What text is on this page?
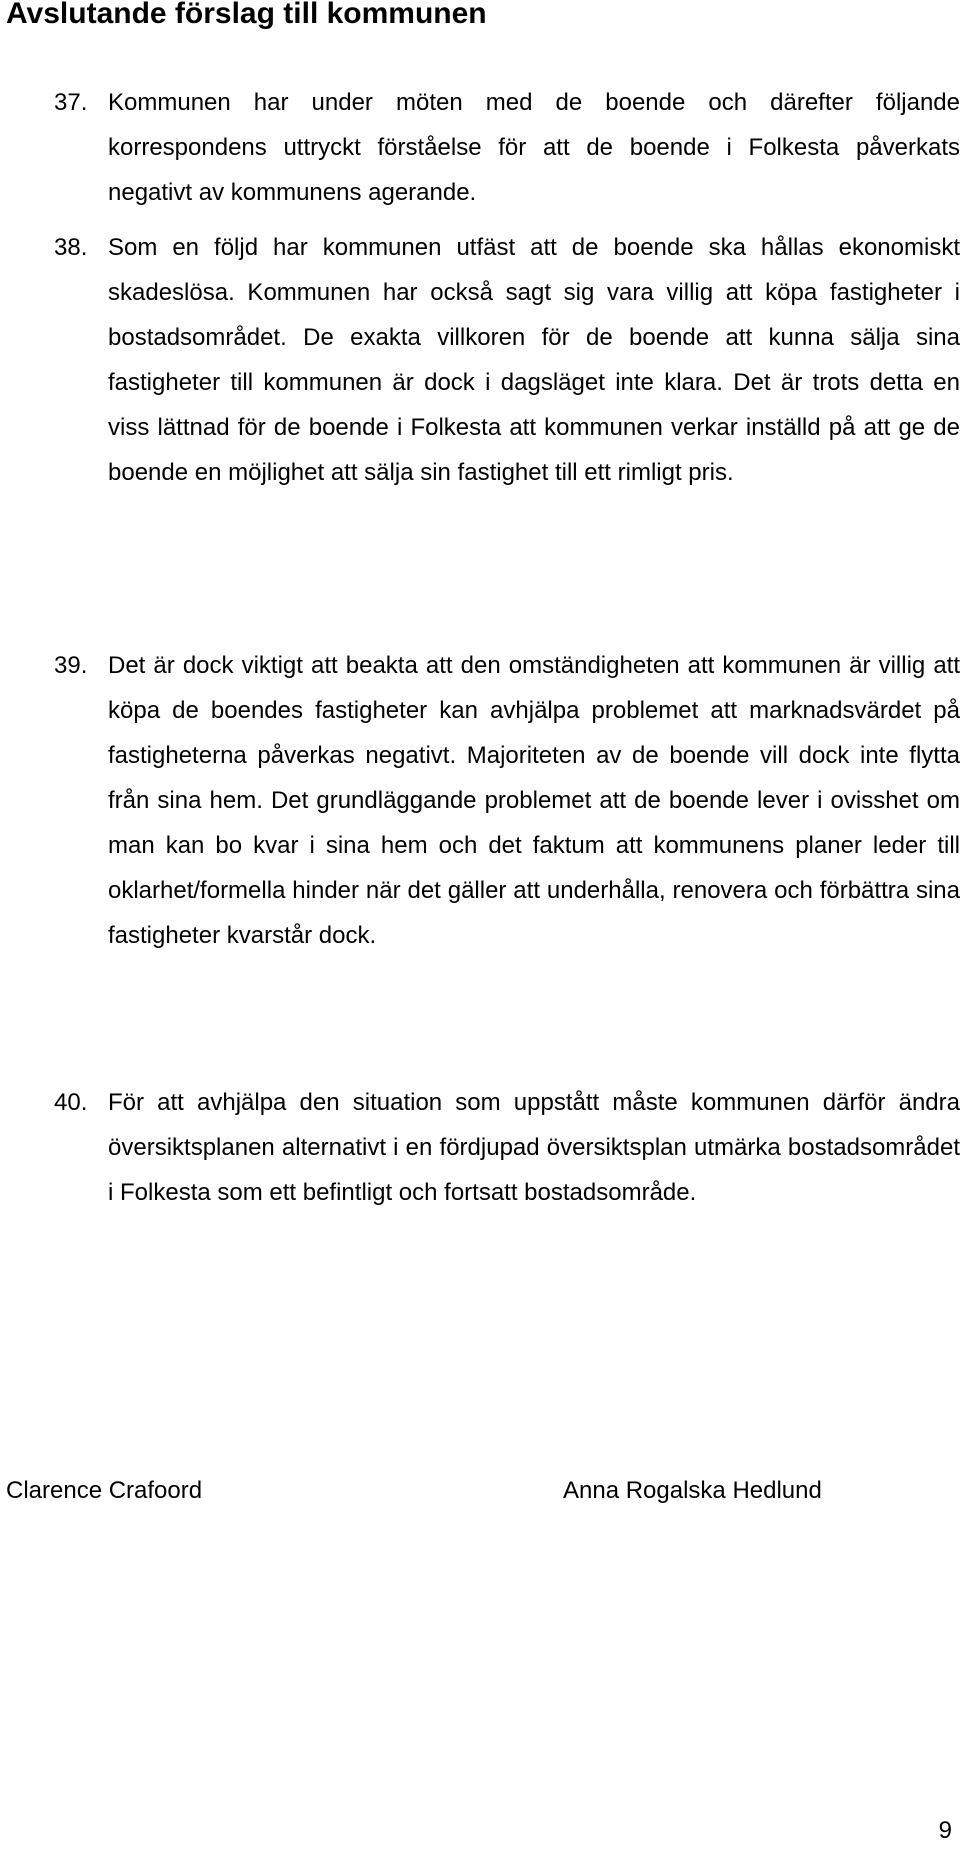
Avslutande förslag till kommunen
37. Kommunen har under möten med de boende och därefter följande korrespondens uttryckt förståelse för att de boende i Folkesta påverkats negativt av kommunens agerande.

38. Som en följd har kommunen utfäst att de boende ska hållas ekonomiskt skadeslösa. Kommunen har också sagt sig vara villig att köpa fastigheter i bostadsområdet. De exakta villkoren för de boende att kunna sälja sina fastigheter till kommunen är dock i dagsläget inte klara. Det är trots detta en viss lättnad för de boende i Folkesta att kommunen verkar inställd på att ge de boende en möjlighet att sälja sin fastighet till ett rimligt pris.

39. Det är dock viktigt att beakta att den omständigheten att kommunen är villig att köpa de boendes fastigheter kan avhjälpa problemet att marknadsvärdet på fastigheterna påverkas negativt. Majoriteten av de boende vill dock inte flytta från sina hem. Det grundläggande problemet att de boende lever i ovisshet om man kan bo kvar i sina hem och det faktum att kommunens planer leder till oklarhet/formella hinder när det gäller att underhålla, renovera och förbättra sina fastigheter kvarstår dock.

40. För att avhjälpa den situation som uppstått måste kommunen därför ändra översiktsplanen alternativt i en fördjupad översiktsplan utmärka bostadsområdet i Folkesta som ett befintligt och fortsatt bostadsområde.

Clarence Crafoord	Anna Rogalska Hedlund
9
